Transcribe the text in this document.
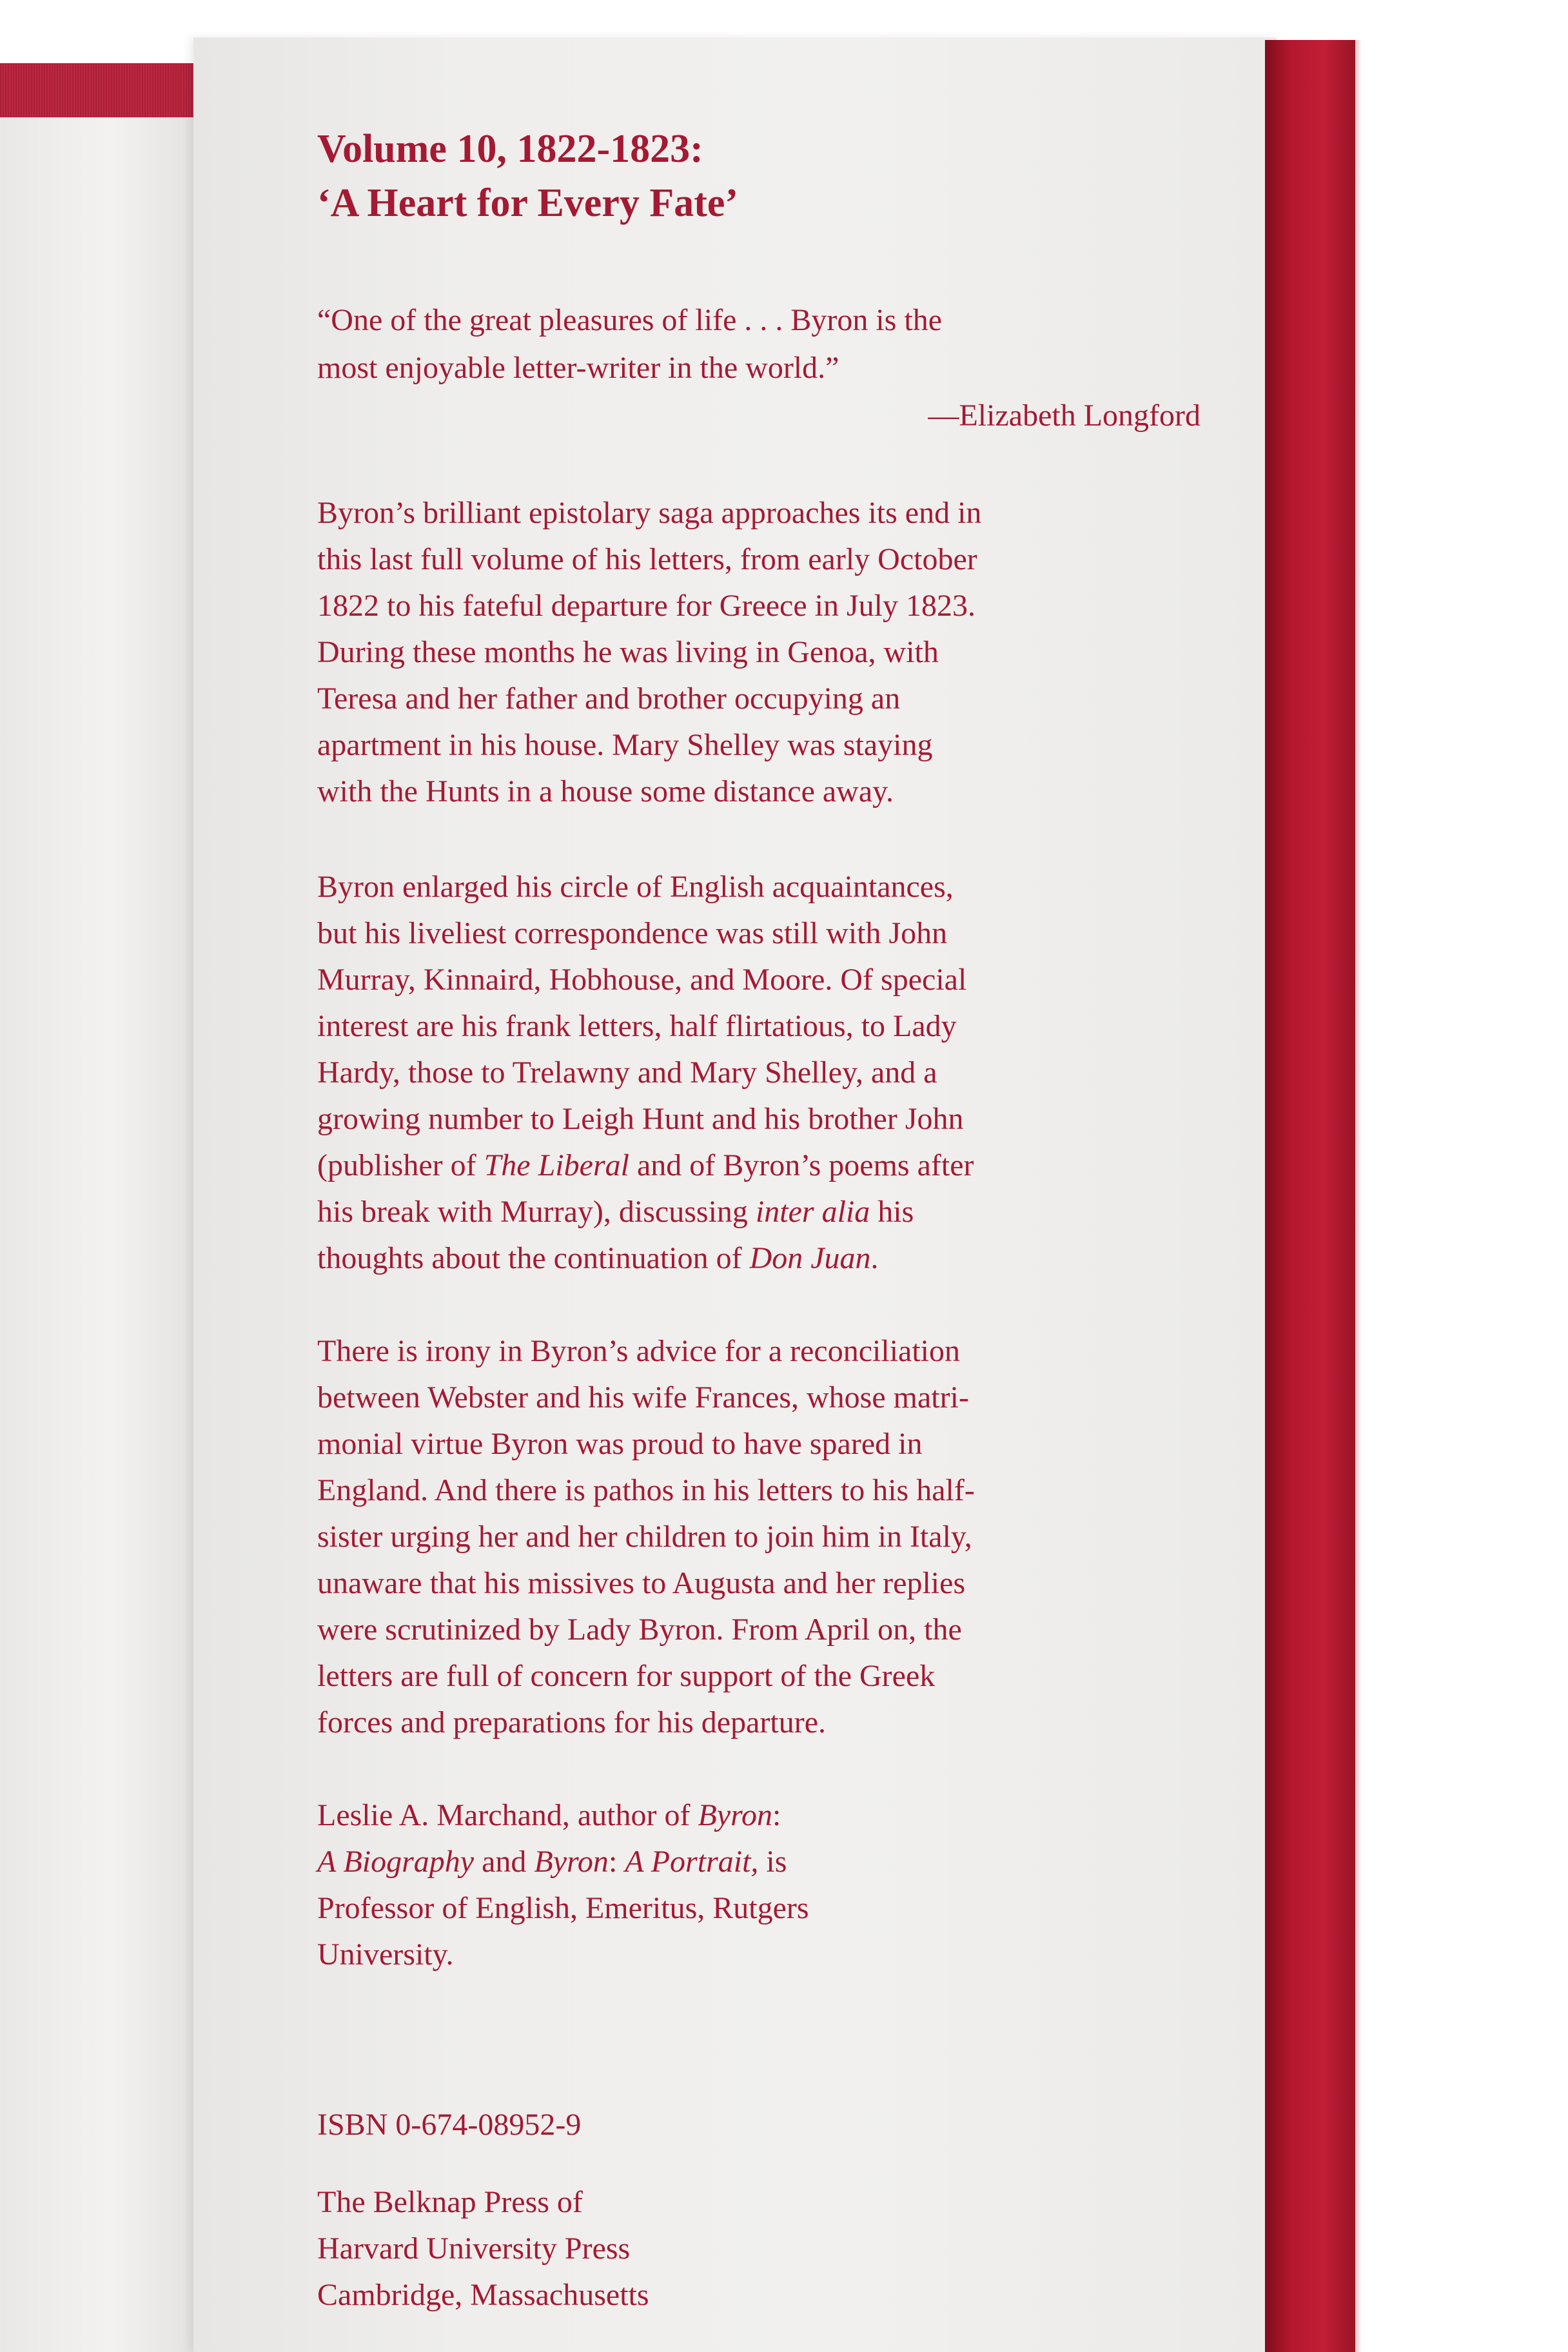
Volume 10, 1822-1823:
‘A Heart for Every Fate’
“One of the great pleasures of life . . . Byron is the
most enjoyable letter-writer in the world.”
—Elizabeth Longford

Byron’s brilliant epistolary saga approaches its end in
this last full volume of his letters, from early October
1822 to his fateful departure for Greece in July 1823.
During these months he was living in Genoa, with
Teresa and her father and brother occupying an
apartment in his house. Mary Shelley was staying
with the Hunts in a house some distance away.

Byron enlarged his circle of English acquaintances,
but his liveliest correspondence was still with John
Murray, Kinnaird, Hobhouse, and Moore. Of special
interest are his frank letters, half flirtatious, to Lady
Hardy, those to Trelawny and Mary Shelley, and a
growing number to Leigh Hunt and his brother John
(publisher of The Liberal and of Byron’s poems after
his break with Murray), discussing inter alia his
thoughts about the continuation of Don Juan.

There is irony in Byron’s advice for a reconciliation
between Webster and his wife Frances, whose matri-
monial virtue Byron was proud to have spared in
England. And there is pathos in his letters to his half-
sister urging her and her children to join him in Italy,
unaware that his missives to Augusta and her replies
were scrutinized by Lady Byron. From April on, the
letters are full of concern for support of the Greek
forces and preparations for his departure.

Leslie A. Marchand, author of Byron:
A Biography and Byron: A Portrait, is
Professor of English, Emeritus, Rutgers
University.

ISBN 0-674-08952-9

The Belknap Press of
Harvard University Press
Cambridge, Massachusetts
